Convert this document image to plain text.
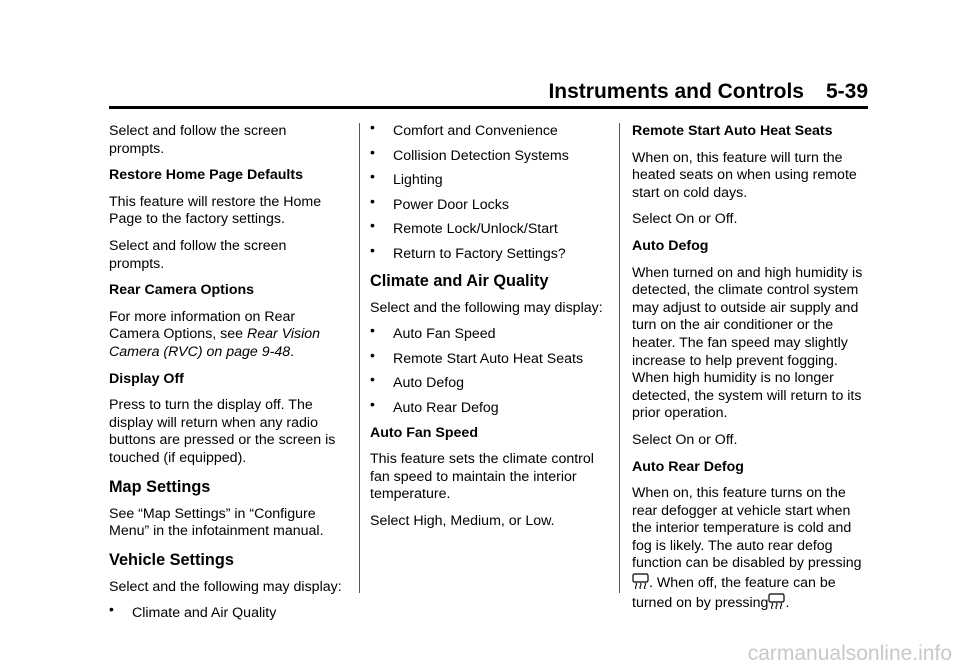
Instruments and Controls 5-39

Select and follow the screen prompts.

Restore Home Page Defaults

This feature will restore the Home Page to the factory settings.

Select and follow the screen prompts.

Rear Camera Options

For more information on Rear Camera Options, see Rear Vision Camera (RVC) on page 9-48.

Display Off

Press to turn the display off. The display will return when any radio buttons are pressed or the screen is touched (if equipped).

Map Settings

See “Map Settings” in “Configure Menu” in the infotainment manual.

Vehicle Settings

Select and the following may display:

• Climate and Air Quality
• Comfort and Convenience
• Collision Detection Systems
• Lighting
• Power Door Locks
• Remote Lock/Unlock/Start
• Return to Factory Settings?
Climate and Air Quality

Select and the following may display:

• Auto Fan Speed
• Remote Start Auto Heat Seats
• Auto Defog
• Auto Rear Defog

Auto Fan Speed

This feature sets the climate control fan speed to maintain the interior temperature.

Select High, Medium, or Low.

Remote Start Auto Heat Seats

When on, this feature will turn the heated seats on when using remote start on cold days.

Select On or Off.

Auto Defog

When turned on and high humidity is detected, the climate control system may adjust to outside air supply and turn on the air conditioner or the heater. The fan speed may slightly increase to help prevent fogging. When high humidity is no longer detected, the system will return to its prior operation.

Select On or Off.

Auto Rear Defog

When on, this feature turns on the rear defogger at vehicle start when the interior temperature is cold and fog is likely. The auto rear defog function can be disabled by pressing. When off, the feature can be turned on by pressing .

carmanualsonline.info
